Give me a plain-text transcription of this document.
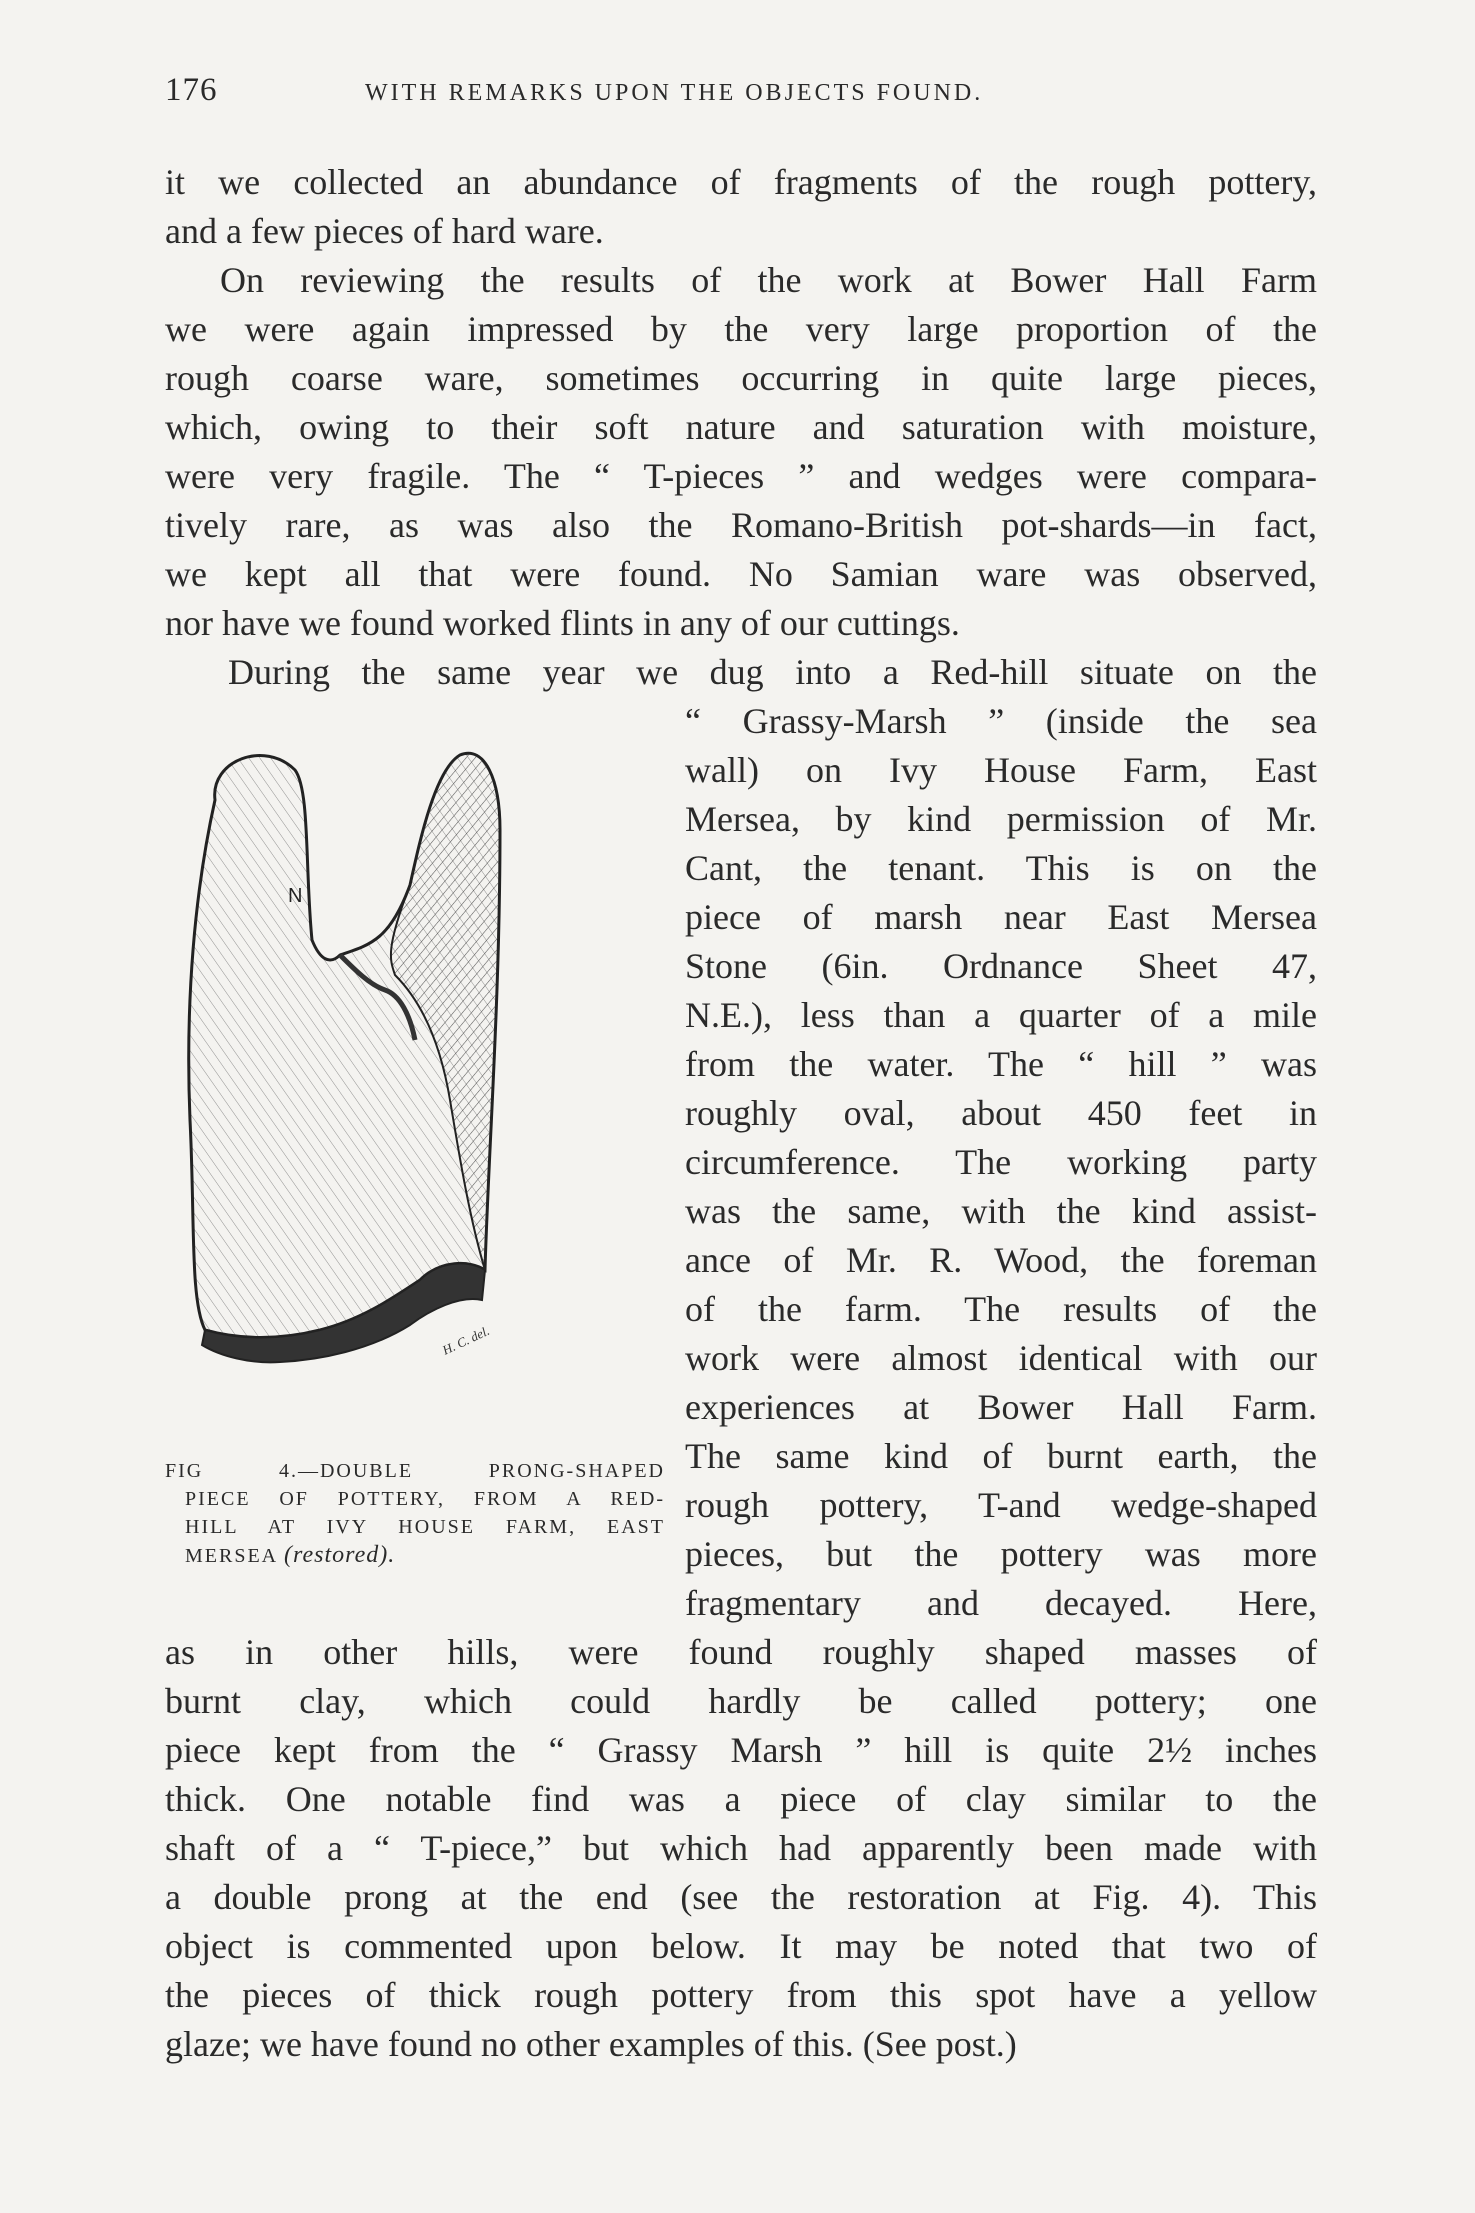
176	WITH REMARKS UPON THE OBJECTS FOUND.
it we collected an abundance of fragments of the rough pottery,
and a few pieces of hard ware.
On reviewing the results of the work at Bower Hall Farm
we were again impressed by the very large proportion of the
rough coarse ware, sometimes occurring in quite large pieces,
which, owing to their soft nature and saturation with moisture,
were very fragile. The “ T-pieces ” and wedges were compara-
tively rare, as was also the Romano-British pot-shards—in fact,
we kept all that were found. No Samian ware was observed,
nor have we found worked flints in any of our cuttings.
During the same year we dug into a Red-hill situate on the
“ Grassy-Marsh ” (inside the sea
wall) on Ivy House Farm, East
Mersea, by kind permission of Mr.
Cant, the tenant. This is on the
piece of marsh near East Mersea
Stone (6in. Ordnance Sheet 47,
N.E.), less than a quarter of a mile
from the water. The “ hill ” was
roughly oval, about 450 feet in
circumference. The working party
was the same, with the kind assist-
ance of Mr. R. Wood, the foreman
of the farm. The results of the
work were almost identical with our
experiences at Bower Hall Farm.
The same kind of burnt earth, the
rough pottery, T-and wedge-shaped
pieces, but the pottery was more
fragmentary and decayed. Here,
as in other hills, were found roughly shaped masses of
burnt clay, which could hardly be called pottery; one
piece kept from the “ Grassy Marsh ” hill is quite 2½ inches
thick. One notable find was a piece of clay similar to the
shaft of a “ T-piece,” but which had apparently been made with
a double prong at the end (see the restoration at Fig. 4). This
object is commented upon below. It may be noted that two of
the pieces of thick rough pottery from this spot have a yellow
glaze; we have found no other examples of this. (See post.)
N
H. C. del.
FIG 4.—DOUBLE PRONG-SHAPED
PIECE OF POTTERY, FROM A RED-
HILL AT IVY HOUSE FARM, EAST
MERSEA (restored).
